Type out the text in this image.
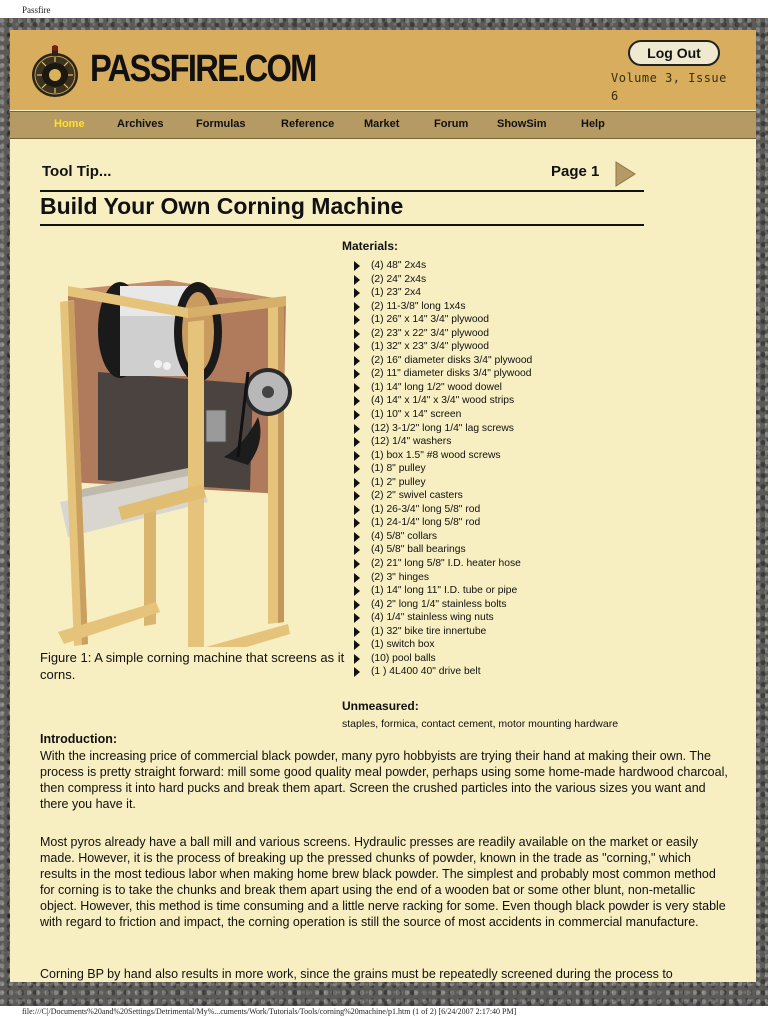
Passfire
PASSFIRE.COM	Log Out
Volume 3, Issue 6
Home	Archives	Formulas	Reference	Market	Forum	ShowSim	Help
Tool Tip...	Page 1
Build Your Own Corning Machine
Figure 1: A simple corning machine that screens as it corns.
Materials:
(4) 48" 2x4s
(2) 24" 2x4s
(1) 23" 2x4
(2) 11-3/8" long 1x4s
(1) 26" x 14" 3/4" plywood
(2) 23" x 22" 3/4" plywood
(1) 32" x 23" 3/4" plywood
(2) 16" diameter disks 3/4" plywood
(2) 11" diameter disks 3/4" plywood
(1) 14" long 1/2" wood dowel
(4) 14" x 1/4" x 3/4" wood strips
(1) 10" x 14" screen
(12) 3-1/2" long 1/4" lag screws
(12) 1/4" washers
(1) box 1.5" #8 wood screws
(1) 8" pulley
(1) 2" pulley
(2) 2" swivel casters
(1) 26-3/4" long 5/8" rod
(1) 24-1/4" long 5/8" rod
(4) 5/8" collars
(4) 5/8" ball bearings
(2) 21" long 5/8" I.D. heater hose
(2) 3" hinges
(1) 14" long 11" I.D. tube or pipe
(4) 2" long 1/4" stainless bolts
(4) 1/4" stainless wing nuts
(1) 32" bike tire innertube
(1) switch box
(10) pool balls
(1 ) 4L400 40" drive belt
Unmeasured:
staples, formica, contact cement, motor mounting hardware
Introduction:

With the increasing price of commercial black powder, many pyro hobbyists are trying their hand at making their own. The process is pretty straight forward: mill some good quality meal powder, perhaps using some home-made hardwood charcoal, then compress it into hard pucks and break them apart. Screen the crushed particles into the various sizes you want and there you have it.

Most pyros already have a ball mill and various screens. Hydraulic presses are readily available on the market or easily made. However, it is the process of breaking up the pressed chunks of powder, known in the trade as "corning," which results in the most tedious labor when making home brew black powder. The simplest and probably most common method for corning is to take the chunks and break them apart using the end of a wooden bat or some other blunt, non-metallic object. However, this method is time consuming and a little nerve racking for some. Even though black powder is very stable with regard to friction and impact, the corning operation is still the source of most accidents in commercial manufacture.

Corning BP by hand also results in more work, since the grains must be repeatedly screened during the process to

file:///C|/Documents%20and%20Settings/Detrimental/My%...cuments/Work/Tutorials/Tools/corning%20machine/p1.htm (1 of 2) [6/24/2007 2:17:40 PM]
